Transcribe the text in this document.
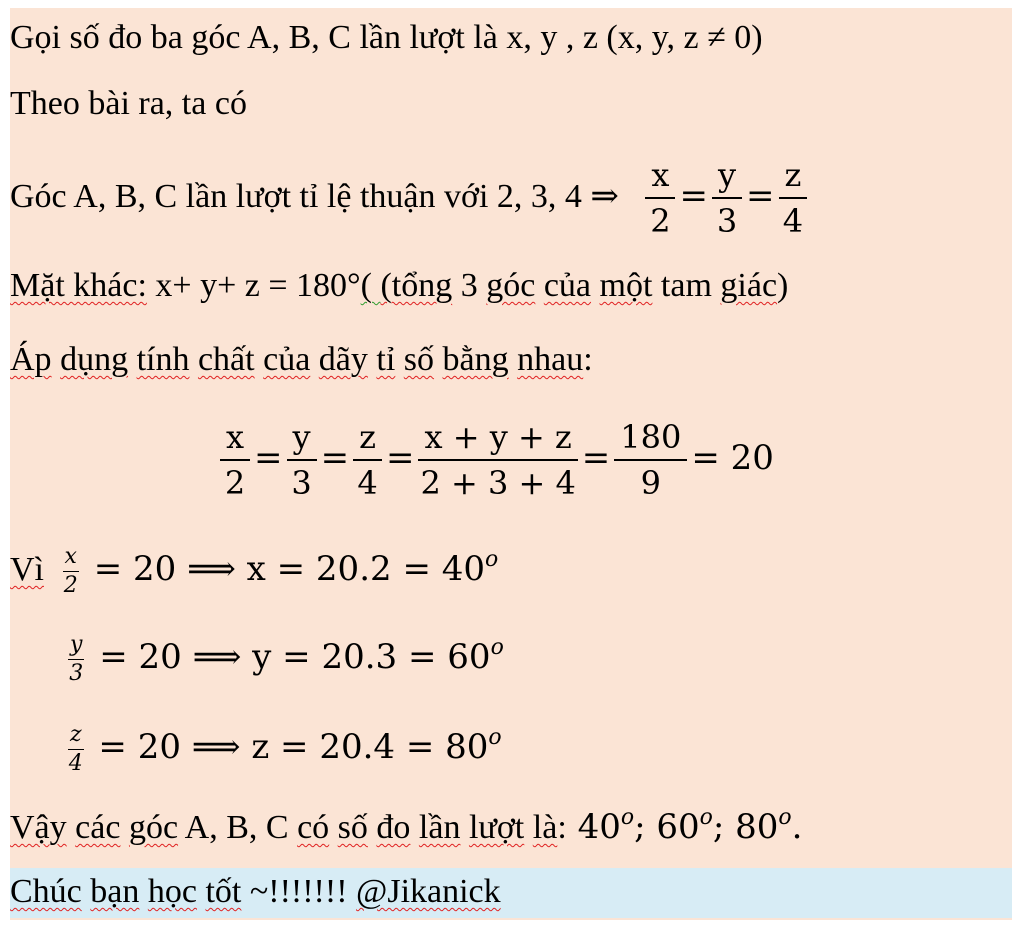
Gọi số đo ba góc A, B, C lần lượt là x, y , z (x, y, z ≠ 0)
Theo bài ra, ta có
Góc A, B, C lần lượt tỉ lệ thuận với 2, 3, 4 ⇒ $\frac{x}{2} = \frac{y}{3} = \frac{z}{4}$
Mặt khác: x+ y+ z = 180°( (tổng 3 góc của một tam giác)
Áp dụng tính chất của dãy tỉ số bằng nhau:
$\frac{x}{2} = \frac{y}{3} = \frac{z}{4} = \frac{x + y + z}{2 + 3 + 4} = \frac{180}{9} = 20$
Vì $\frac{x}{2} = 20$ ⟹ $x = 20.2 = 40^o$
$\frac{y}{3} = 20$ ⟹ $y = 20.3 = 60^o$
$\frac{z}{4} = 20$ ⟹ $z = 20.4 = 80^o$
Vậy các góc A, B, C có số đo lần lượt là: 40$^o$; 60$^o$; 80$^o$.
Chúc bạn học tốt ~!!!!!!! @Jikanick
